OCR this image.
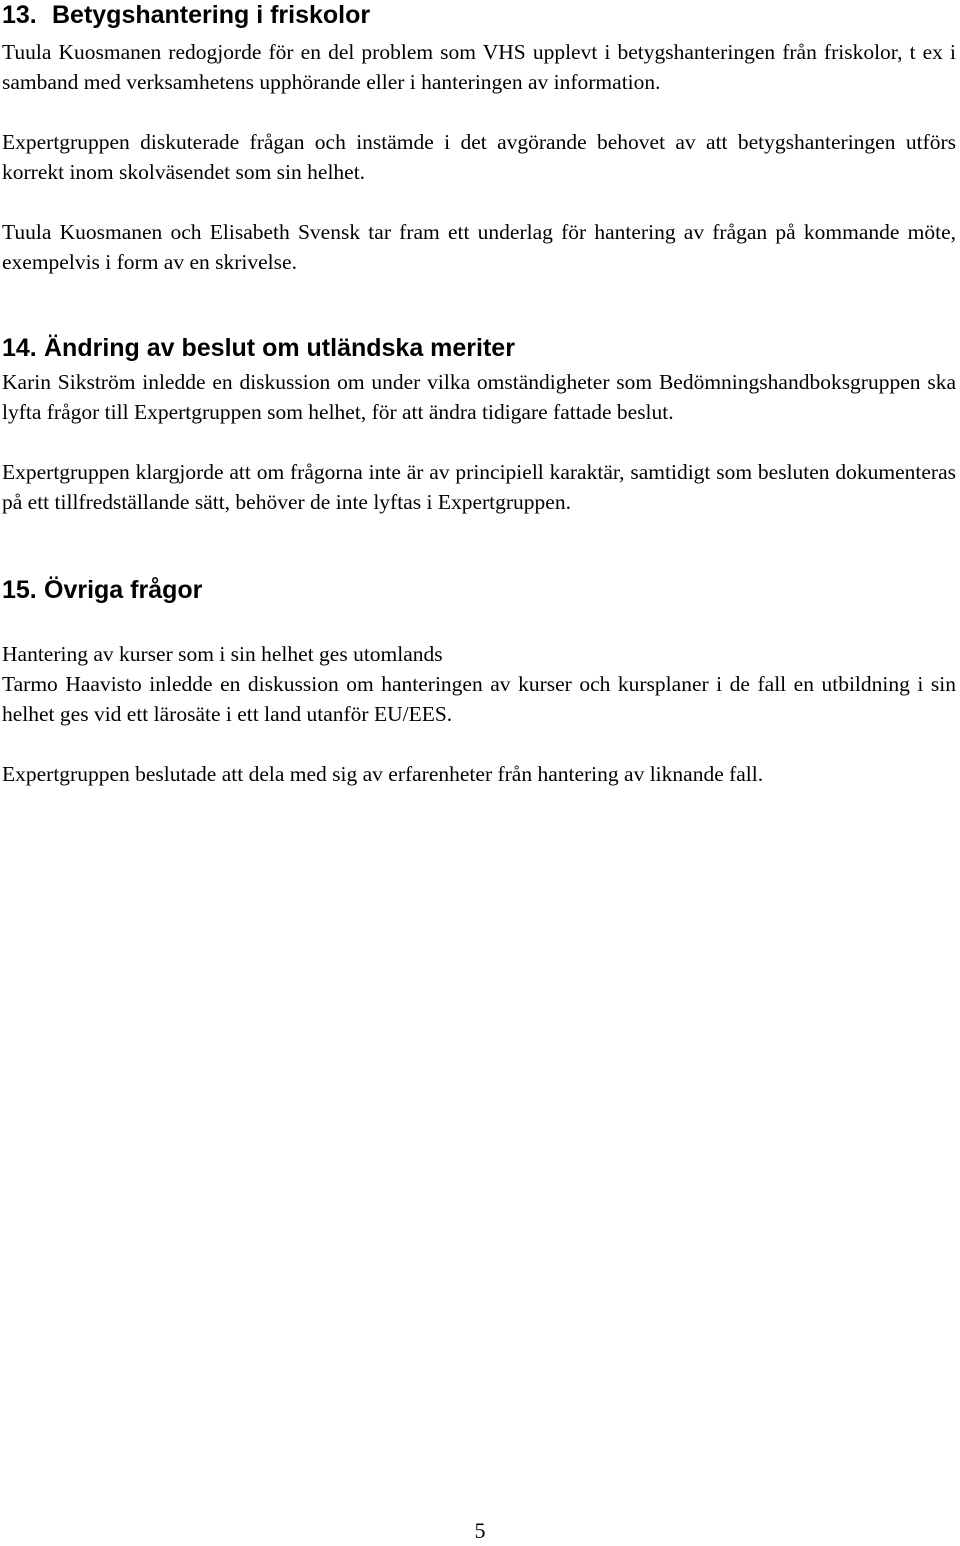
13. Betygshantering i friskolor

Tuula Kuosmanen redogjorde för en del problem som VHS upplevt i betygshanteringen från friskolor, t ex i samband med verksamhetens upphörande eller i hanteringen av information.

Expertgruppen diskuterade frågan och instämde i det avgörande behovet av att betygshanteringen utförs korrekt inom skolväsendet som sin helhet.

Tuula Kuosmanen och Elisabeth Svensk tar fram ett underlag för hantering av frågan på kommande möte, exempelvis i form av en skrivelse.

14. Ändring av beslut om utländska meriter

Karin Sikström inledde en diskussion om under vilka omständigheter som Bedömningshandboksgruppen ska lyfta frågor till Expertgruppen som helhet, för att ändra tidigare fattade beslut.

Expertgruppen klargjorde att om frågorna inte är av principiell karaktär, samtidigt som besluten dokumenteras på ett tillfredställande sätt, behöver de inte lyftas i Expertgruppen.

15. Övriga frågor

Hantering av kurser som i sin helhet ges utomlands

Tarmo Haavisto inledde en diskussion om hanteringen av kurser och kursplaner i de fall en utbildning i sin helhet ges vid ett lärosäte i ett land utanför EU/EES.

Expertgruppen beslutade att dela med sig av erfarenheter från hantering av liknande fall.

5
